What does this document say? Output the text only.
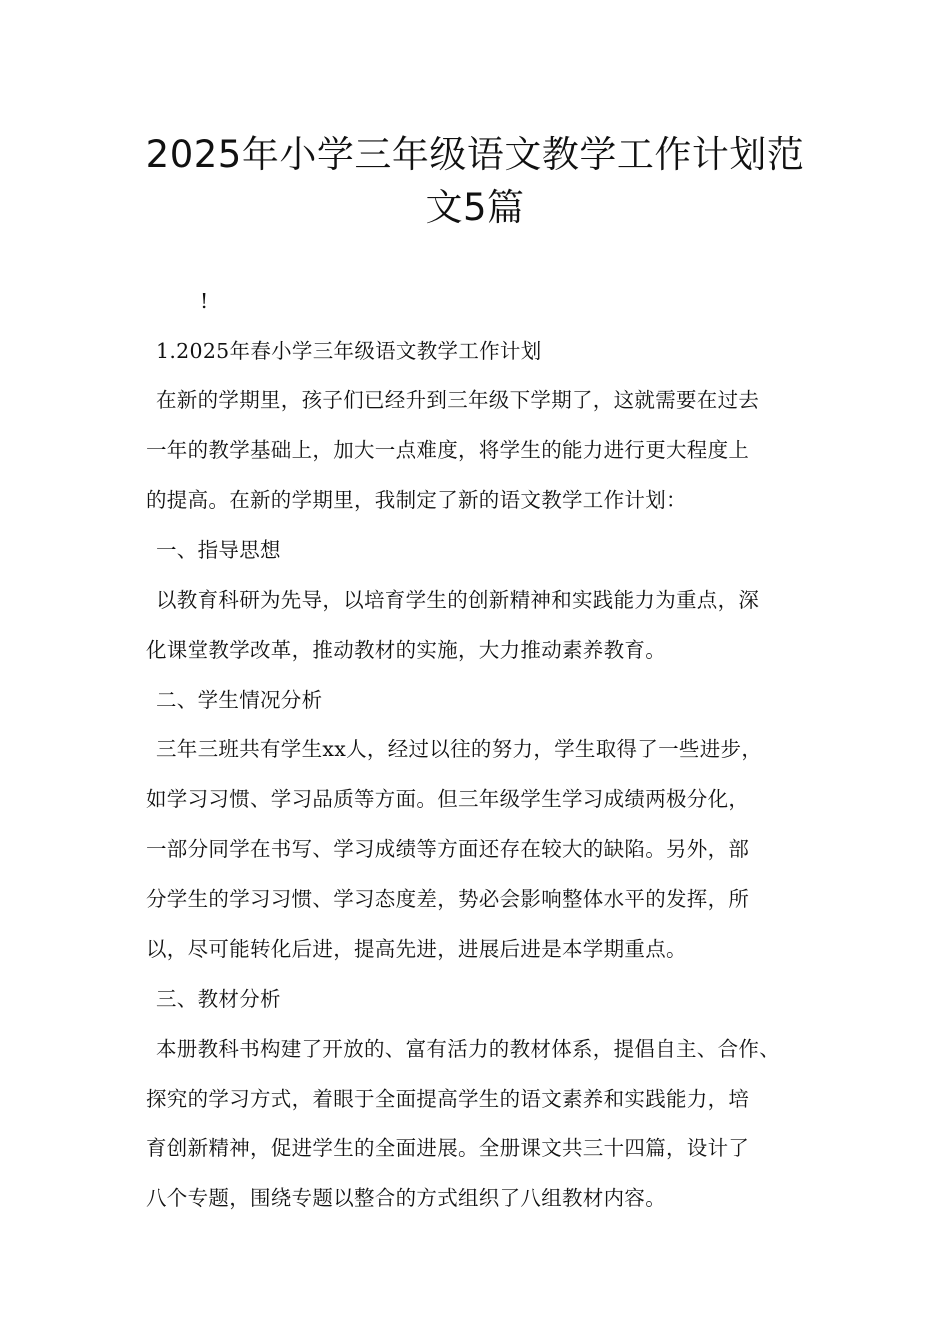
2025年小学三年级语文教学工作计划范
文5篇
!
1.2025年春小学三年级语文教学工作计划
在新的学期里，孩子们已经升到三年级下学期了，这就需要在过去
一年的教学基础上，加大一点难度，将学生的能力进行更大程度上
的提高。在新的学期里，我制定了新的语文教学工作计划：
一、指导思想
以教育科研为先导，以培育学生的创新精神和实践能力为重点，深
化课堂教学改革，推动教材的实施，大力推动素养教育。
二、学生情况分析
三年三班共有学生xx人，经过以往的努力，学生取得了一些进步，
如学习习惯、学习品质等方面。但三年级学生学习成绩两极分化，
一部分同学在书写、学习成绩等方面还存在较大的缺陷。另外，部
分学生的学习习惯、学习态度差，势必会影响整体水平的发挥，所
以，尽可能转化后进，提高先进，进展后进是本学期重点。
三、教材分析
本册教科书构建了开放的、富有活力的教材体系，提倡自主、合作、
探究的学习方式，着眼于全面提高学生的语文素养和实践能力，培
育创新精神，促进学生的全面进展。全册课文共三十四篇，设计了
八个专题，围绕专题以整合的方式组织了八组教材内容。
